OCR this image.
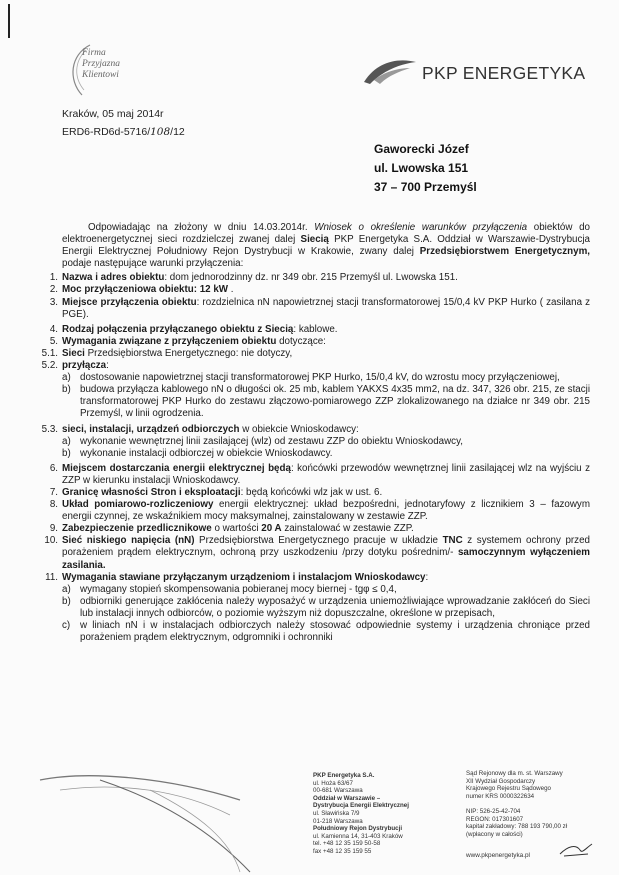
Firma
Przyjazna
Klientowi	PKP ENERGETYKA
Kraków, 05 maj 2014r
ERD6-RD6d-5716/108/12
Gaworecki Józef
ul. Lwowska 151
37 – 700 Przemyśl

Odpowiadając na złożony w dniu 14.03.2014r. Wniosek o określenie warunków przyłączenia obiektów do elektroenergetycznej sieci rozdzielczej zwanej dalej Siecią PKP Energetyka S.A. Oddział w Warszawie-Dystrybucja Energii Elektrycznej Południowy Rejon Dystrybucji w Krakowie, zwany dalej Przedsiębiorstwem Energetycznym, podaje następujące warunki przyłączenia:

1. Nazwa i adres obiektu: dom jednorodzinny dz. nr 349 obr. 215 Przemyśl ul. Lwowska 151.
2. Moc przyłączeniowa obiektu: 12 kW .
3. Miejsce przyłączenia obiektu: rozdzielnica nN napowietrznej stacji transformatorowej 15/0,4 kV PKP Hurko ( zasilana z PGE).
4. Rodzaj połączenia przyłączanego obiektu z Siecią: kablowe.
5. Wymagania związane z przyłączeniem obiektu dotyczące:
5.1. Sieci Przedsiębiorstwa Energetycznego: nie dotyczy,
5.2. przyłącza:
a) dostosowanie napowietrznej stacji transformatorowej PKP Hurko, 15/0,4 kV, do wzrostu mocy przyłączeniowej,
b) budowa przyłącza kablowego nN o długości ok. 25 mb, kablem YAKXS 4x35 mm2, na dz. 347, 326 obr. 215, ze stacji transformatorowej PKP Hurko do zestawu złączowo-pomiarowego ZZP zlokalizowanego na działce nr 349 obr. 215 Przemyśl, w linii ogrodzenia.
5.3. sieci, instalacji, urządzeń odbiorczych w obiekcie Wnioskodawcy:
a) wykonanie wewnętrznej linii zasilającej (wlz) od zestawu ZZP do obiektu Wnioskodawcy,
b) wykonanie instalacji odbiorczej w obiekcie Wnioskodawcy.
6. Miejscem dostarczania energii elektrycznej będą: końcówki przewodów wewnętrznej linii zasilającej wlz na wyjściu z ZZP w kierunku instalacji Wnioskodawcy.
7. Granicę własności Stron i eksploatacji: będą końcówki wlz jak w ust. 6.
8. Układ pomiarowo-rozliczeniowy energii elektrycznej: układ bezpośredni, jednotaryfowy z licznikiem 3 – fazowym energii czynnej, ze wskaźnikiem mocy maksymalnej, zainstalowany w zestawie ZZP.
9. Zabezpieczenie przedlicznikowe o wartości 20 A zainstalować w zestawie ZZP.
10. Sieć niskiego napięcia (nN) Przedsiębiorstwa Energetycznego pracuje w układzie TNC z systemem ochrony przed porażeniem prądem elektrycznym, ochroną przy uszkodzeniu /przy dotyku pośrednim/- samoczynnym wyłączeniem zasilania.
11. Wymagania stawiane przyłączanym urządzeniom i instalacjom Wnioskodawcy:
a) wymagany stopień skompensowania pobieranej mocy biernej - tgφ ≤ 0,4,
b) odbiorniki generujące zakłócenia należy wyposażyć w urządzenia uniemożliwiające wprowadzanie zakłóceń do Sieci lub instalacji innych odbiorców, o poziomie wyższym niż dopuszczalne, określone w przepisach,
c) w liniach nN i w instalacjach odbiorczych należy stosować odpowiednie systemy i urządzenia chroniące przed porażeniem prądem elektrycznym, odgromniki i ochronniki
PKP Energetyka S.A.
ul. Hoża 63/67
00-681 Warszawa
Oddział w Warszawie –
Dystrybucja Energii Elektrycznej
ul. Sławińska 7/9
01-218 Warszawa
Południowy Rejon Dystrybucji
ul. Kamienna 14, 31-403 Kraków
tel. +48 12 35 159 50-58
fax +48 12 35 159 55
Sąd Rejonowy dla m. st. Warszawy
XII Wydział Gospodarczy
Krajowego Rejestru Sądowego
numer KRS 0000322634
NIP: 526-25-42-704
REGON: 017301607
kapitał zakładowy: 788 193 790,00 zł
(wpłacony w całości)
www.pkpenergetyka.pl
